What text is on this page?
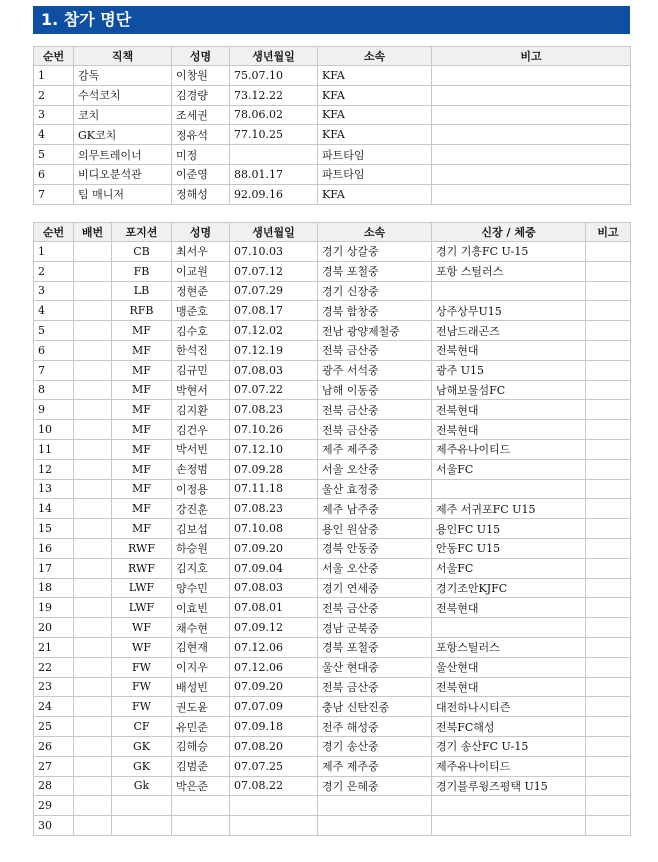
1. 참가 명단
순번	직책	성명	생년월일	소속	비고
1	감독	이창원	75.07.10	KFA	
2	수석코치	김경량	73.12.22	KFA	
3	코치	조세권	78.06.02	KFA	
4	GK코치	정유석	77.10.25	KFA	
5	의무트레이너	미정		파트타임	
6	비디오분석관	이준영	88.01.17	파트타임	
7	팀 매니저	정해성	92.09.16	KFA	
순번	배번	포지션	성명	생년월일	소속	신장 / 체중	비고
1		CB	최서우	07.10.03	경기 상갈중	경기 기흥FC U-15	
2		FB	이교원	07.07.12	경북 포철중	포항 스틸러스	
3		LB	정현준	07.07.29	경기 신장중		
4		RFB	맹준호	07.08.17	경북 함창중	상주상무U15	
5		MF	김수호	07.12.02	전남 광양제철중	전남드래곤즈	
6		MF	한석진	07.12.19	전북 금산중	전북현대	
7		MF	김규민	07.08.03	광주 서석중	광주 U15	
8		MF	박현서	07.07.22	남해 이동중	남해보물섬FC	
9		MF	김지환	07.08.23	전북 금산중	전북현대	
10		MF	김건우	07.10.26	전북 금산중	전북현대	
11		MF	박서빈	07.12.10	제주 제주중	제주유나이티드	
12		MF	손정범	07.09.28	서울 오산중	서울FC	
13		MF	이정용	07.11.18	울산 효정중		
14		MF	강진훈	07.08.23	제주 남주중	제주 서귀포FC U15	
15		MF	김보섭	07.10.08	용인 원삼중	용인FC U15	
16		RWF	하승원	07.09.20	경북 안동중	안동FC U15	
17		RWF	김지호	07.09.04	서울 오산중	서울FC	
18		LWF	양수민	07.08.03	경기 연세중	경기조안KJFC	
19		LWF	이효빈	07.08.01	전북 금산중	전북현대	
20		WF	채수현	07.09.12	경남 군북중		
21		WF	김현재	07.12.06	경북 포철중	포항스틸러스	
22		FW	이지우	07.12.06	울산 현대중	울산현대	
23		FW	배성빈	07.09.20	전북 금산중	전북현대	
24		FW	권도윤	07.07.09	충남 신탄진중	대전하나시티즌	
25		CF	유민준	07.09.18	전주 해성중	전북FC해성	
26		GK	김해승	07.08.20	경기 송산중	경기 송산FC U-15	
27		GK	김범준	07.07.25	제주 제주중	제주유나이티드	
28		Gk	박은준	07.08.22	경기 은혜중	경기블루윙즈평택 U15	
29							
30							
